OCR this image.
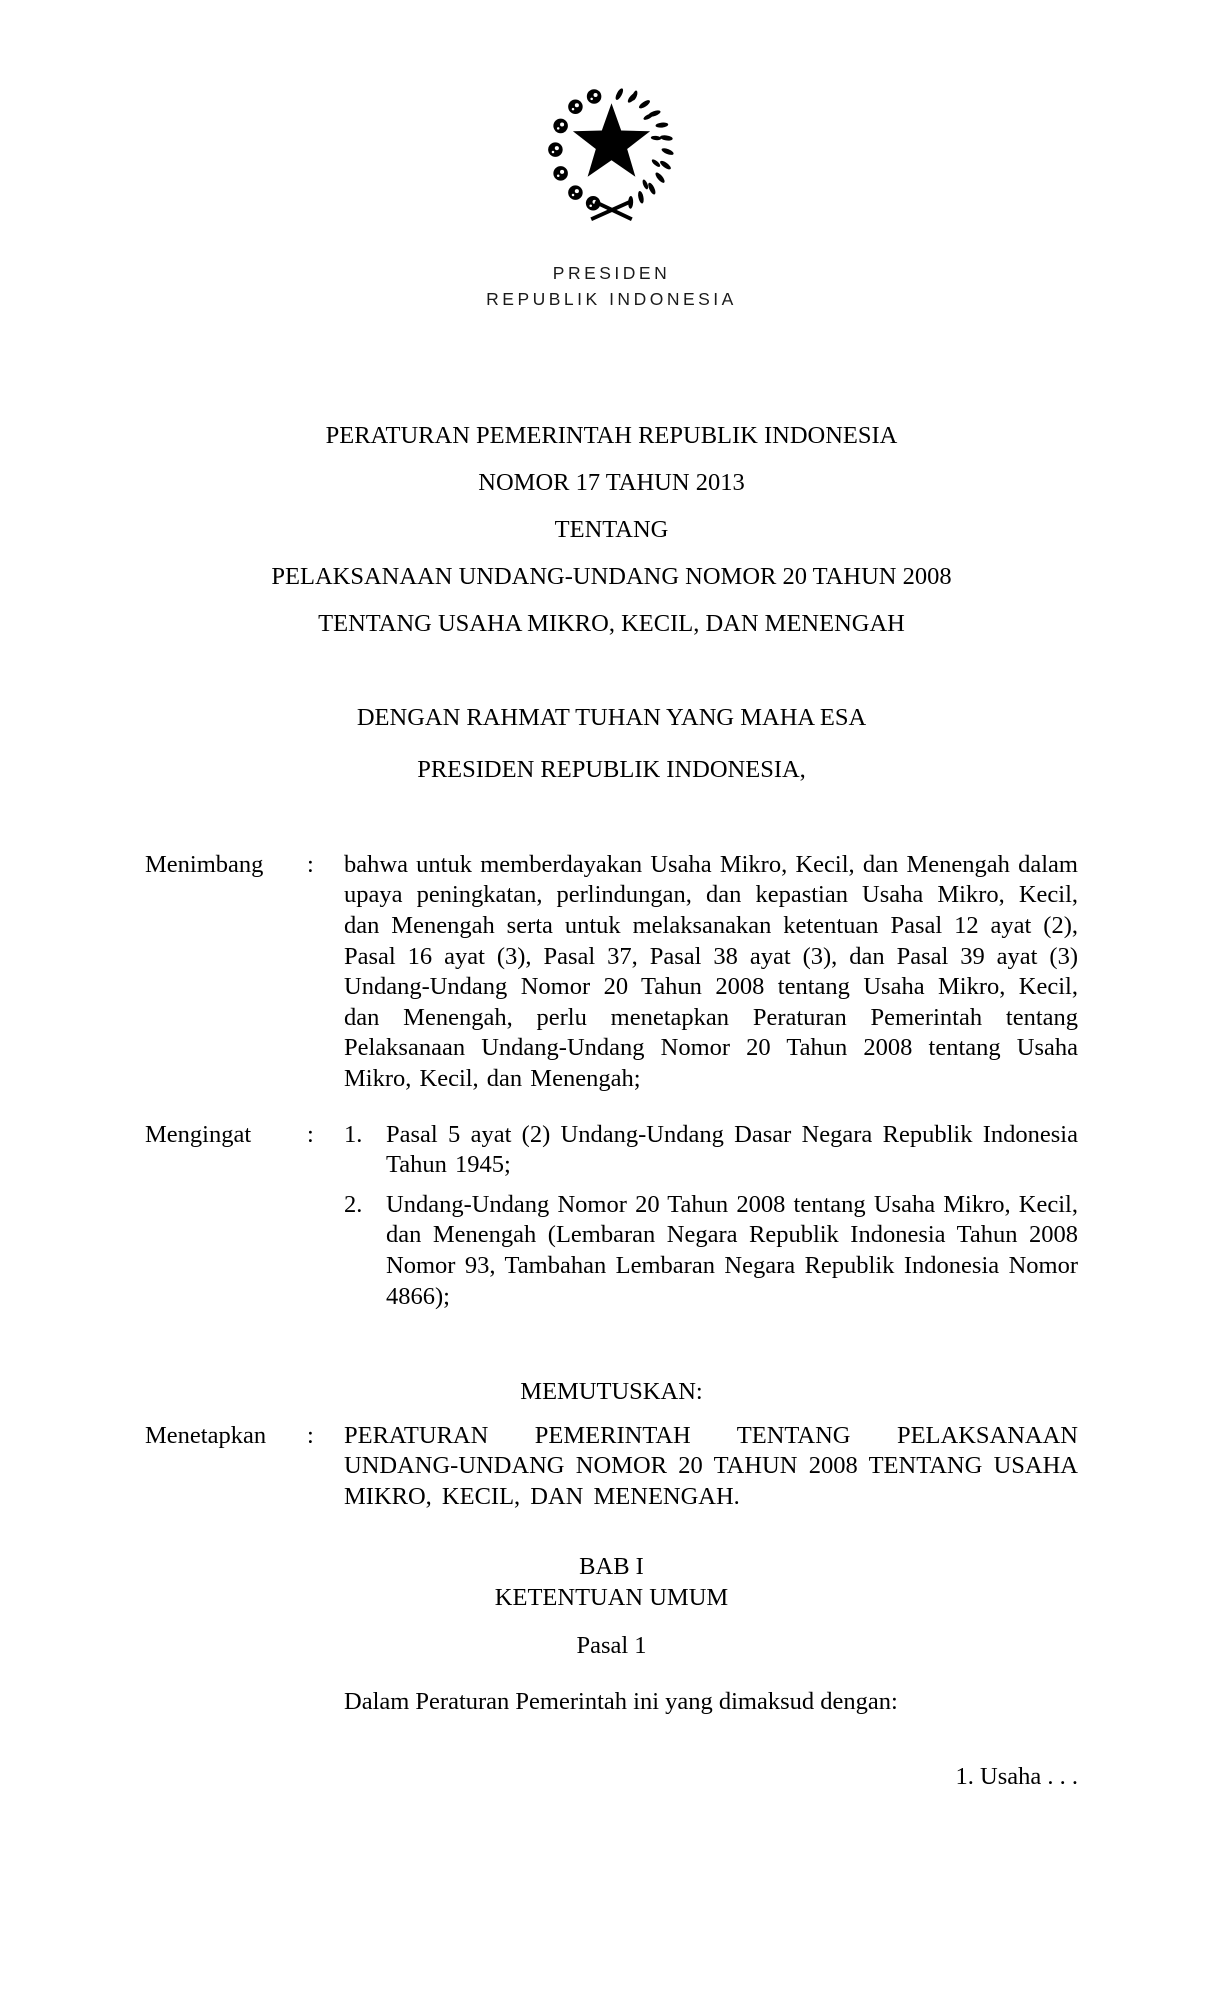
PRESIDEN
REPUBLIK INDONESIA
PERATURAN PEMERINTAH REPUBLIK INDONESIA
NOMOR 17 TAHUN 2013
TENTANG
PELAKSANAAN UNDANG-UNDANG NOMOR 20 TAHUN 2008
TENTANG USAHA MIKRO, KECIL, DAN MENENGAH
DENGAN RAHMAT TUHAN YANG MAHA ESA
PRESIDEN REPUBLIK INDONESIA,
Menimbang	:	bahwa untuk memberdayakan Usaha Mikro, Kecil, dan Menengah dalam upaya peningkatan, perlindungan, dan kepastian Usaha Mikro, Kecil, dan Menengah serta untuk melaksanakan ketentuan Pasal 12 ayat (2), Pasal 16 ayat (3), Pasal 37, Pasal 38 ayat (3), dan Pasal 39 ayat (3) Undang-Undang Nomor 20 Tahun 2008 tentang Usaha Mikro, Kecil, dan Menengah, perlu menetapkan Peraturan Pemerintah tentang Pelaksanaan Undang-Undang Nomor 20 Tahun 2008 tentang Usaha Mikro, Kecil, dan Menengah;
Mengingat	:	1. Pasal 5 ayat (2) Undang-Undang Dasar Negara Republik Indonesia Tahun 1945;
2. Undang-Undang Nomor 20 Tahun 2008 tentang Usaha Mikro, Kecil, dan Menengah (Lembaran Negara Republik Indonesia Tahun 2008 Nomor 93, Tambahan Lembaran Negara Republik Indonesia Nomor 4866);
MEMUTUSKAN:
Menetapkan	:	PERATURAN PEMERINTAH TENTANG PELAKSANAAN UNDANG-UNDANG NOMOR 20 TAHUN 2008 TENTANG USAHA MIKRO, KECIL, DAN MENENGAH.
BAB I
KETENTUAN UMUM
Pasal 1
Dalam Peraturan Pemerintah ini yang dimaksud dengan:
1. Usaha . . .
